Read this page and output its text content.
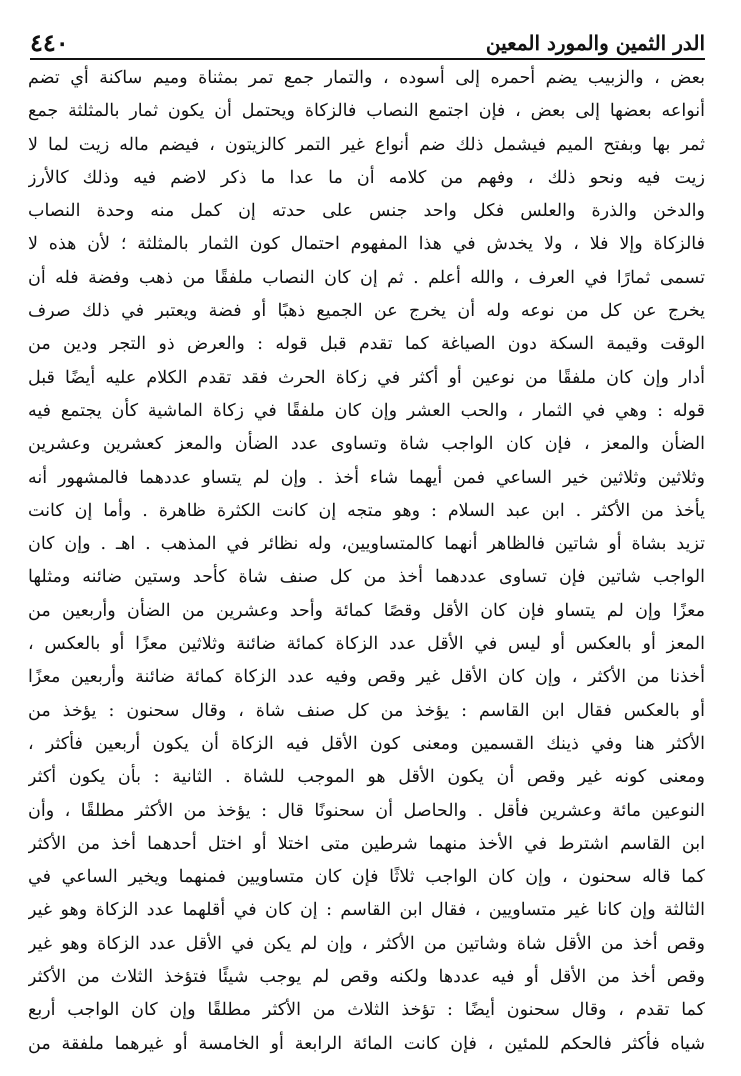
الدر الثمين والمورد المعين
٤٤٠
بعض ، والزبيب يضم أحمره إلى أسوده ، والتمار جمع تمر بمثناة وميم ساكنة أي تضم
أنواعه بعضها إلى بعض ، فإن اجتمع النصاب فالزكاة ويحتمل أن يكون ثمار بالمثلثة جمع
ثمر بها وبفتح الميم فيشمل ذلك ضم أنواع غير التمر كالزيتون ، فيضم ماله زيت لما لا
زيت فيه ونحو ذلك ، وفهم من كلامه أن ما عدا ما ذكر لاضم فيه وذلك كالأرز
والدخن والذرة والعلس فكل واحد جنس على حدته إن كمل منه وحدة النصاب
فالزكاة وإلا فلا ، ولا يخدش في هذا المفهوم احتمال كون الثمار بالمثلثة ؛ لأن هذه لا
تسمى ثمارًا في العرف ، والله أعلم . ثم إن كان النصاب ملفقًا من ذهب وفضة فله أن
يخرج عن كل من نوعه وله أن يخرج عن الجميع ذهبًا أو فضة ويعتبر في ذلك صرف
الوقت وقيمة السكة دون الصياغة كما تقدم قبل قوله : والعرض ذو التجر ودين من
أدار وإن كان ملفقًا من نوعين أو أكثر في زكاة الحرث فقد تقدم الكلام عليه أيضًا قبل
قوله : وهي في الثمار ، والحب العشر وإن كان ملفقًا في زكاة الماشية كأن يجتمع فيه
الضأن والمعز ، فإن كان الواجب شاة وتساوى عدد الضأن والمعز كعشرين وعشرين
وثلاثين وثلاثين خير الساعي فمن أيهما شاء أخذ . وإن لم يتساو عددهما فالمشهور أنه
يأخذ من الأكثر . ابن عبد السلام : وهو متجه إن كانت الكثرة ظاهرة . وأما إن كانت
تزيد بشاة أو شاتين فالظاهر أنهما كالمتساويين، وله نظائر في المذهب . اهـ . وإن كان
الواجب شاتين فإن تساوى عددهما أخذ من كل صنف شاة كأحد وستين ضائنه ومثلها
معزًا وإن لم يتساو فإن كان الأقل وقصًا كمائة وأحد وعشرين من الضأن وأربعين من
المعز أو بالعكس أو ليس في الأقل عدد الزكاة كمائة ضائنة وثلاثين معزًا أو بالعكس ،
أخذنا من الأكثر ، وإن كان الأقل غير وقص وفيه عدد الزكاة كمائة ضائنة وأربعين معزًا
أو بالعكس فقال ابن القاسم : يؤخذ من كل صنف شاة ، وقال سحنون : يؤخذ من
الأكثر هنا وفي ذينك القسمين ومعنى كون الأقل فيه الزكاة أن يكون أربعين فأكثر ،
ومعنى كونه غير وقص أن يكون الأقل هو الموجب للشاة . الثانية : بأن يكون أكثر
النوعين مائة وعشرين فأقل . والحاصل أن سحنونًا قال : يؤخذ من الأكثر مطلقًا ، وأن
ابن القاسم اشترط في الأخذ منهما شرطين متى اختلا أو اختل أحدهما أخذ من الأكثر
كما قاله سحنون ، وإن كان الواجب ثلاثًا فإن كان متساويين فمنهما ويخير الساعي في
الثالثة وإن كانا غير متساويين ، فقال ابن القاسم : إن كان في أقلهما عدد الزكاة وهو غير
وقص أخذ من الأقل شاة وشاتين من الأكثر ، وإن لم يكن في الأقل عدد الزكاة وهو غير
وقص أخذ من الأقل أو فيه عددها ولكنه وقص لم يوجب شيئًا فتؤخذ الثلاث من الأكثر
كما تقدم ، وقال سحنون أيضًا : تؤخذ الثلاث من الأكثر مطلقًا وإن كان الواجب أربع
شياه فأكثر فالحكم للمئين ، فإن كانت المائة الرابعة أو الخامسة أو غيرهما ملفقة من
